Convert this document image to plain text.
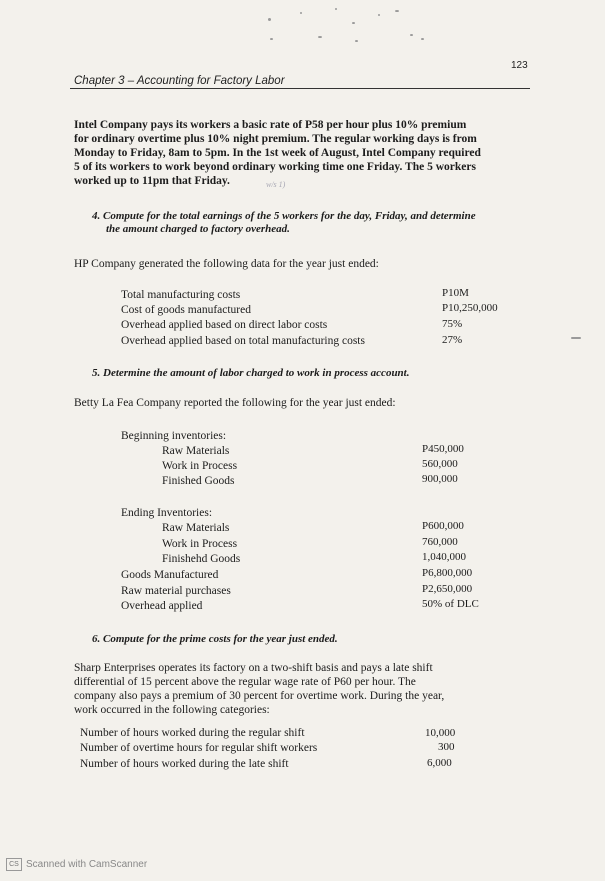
123
Chapter 3 – Accounting for Factory Labor
Intel Company pays its workers a basic rate of P58 per hour plus 10% premium
for ordinary overtime plus 10% night premium. The regular working days is from
Monday to Friday, 8am to 5pm. In the 1st week of August, Intel Company required
5 of its workers to work beyond ordinary working time one Friday. The 5 workers
worked up to 11pm that Friday.	w/s 1)
4. Compute for the total earnings of the 5 workers for the day, Friday, and determine
the amount charged to factory overhead.
HP Company generated the following data for the year just ended:
Total manufacturing costs	P10M
Cost of goods manufactured	P10,250,000
Overhead applied based on direct labor costs	75%
Overhead applied based on total manufacturing costs	27%
5. Determine the amount of labor charged to work in process account.
Betty La Fea Company reported the following for the year just ended:
Beginning inventories:
Raw Materials	P450,000
Work in Process	560,000
Finished Goods	900,000
Ending Inventories:
Raw Materials	P600,000
Work in Process	760,000
Finishehd Goods	1,040,000
Goods Manufactured	P6,800,000
Raw material purchases	P2,650,000
Overhead applied	50% of DLC
6. Compute for the prime costs for the year just ended.
Sharp Enterprises operates its factory on a two-shift basis and pays a late shift
differential of 15 percent above the regular wage rate of P60 per hour. The
company also pays a premium of 30 percent for overtime work. During the year,
work occurred in the following categories:
Number of hours worked during the regular shift	10,000
Number of overtime hours for regular shift workers	300
Number of hours worked during the late shift	6,000
CS Scanned with CamScanner
